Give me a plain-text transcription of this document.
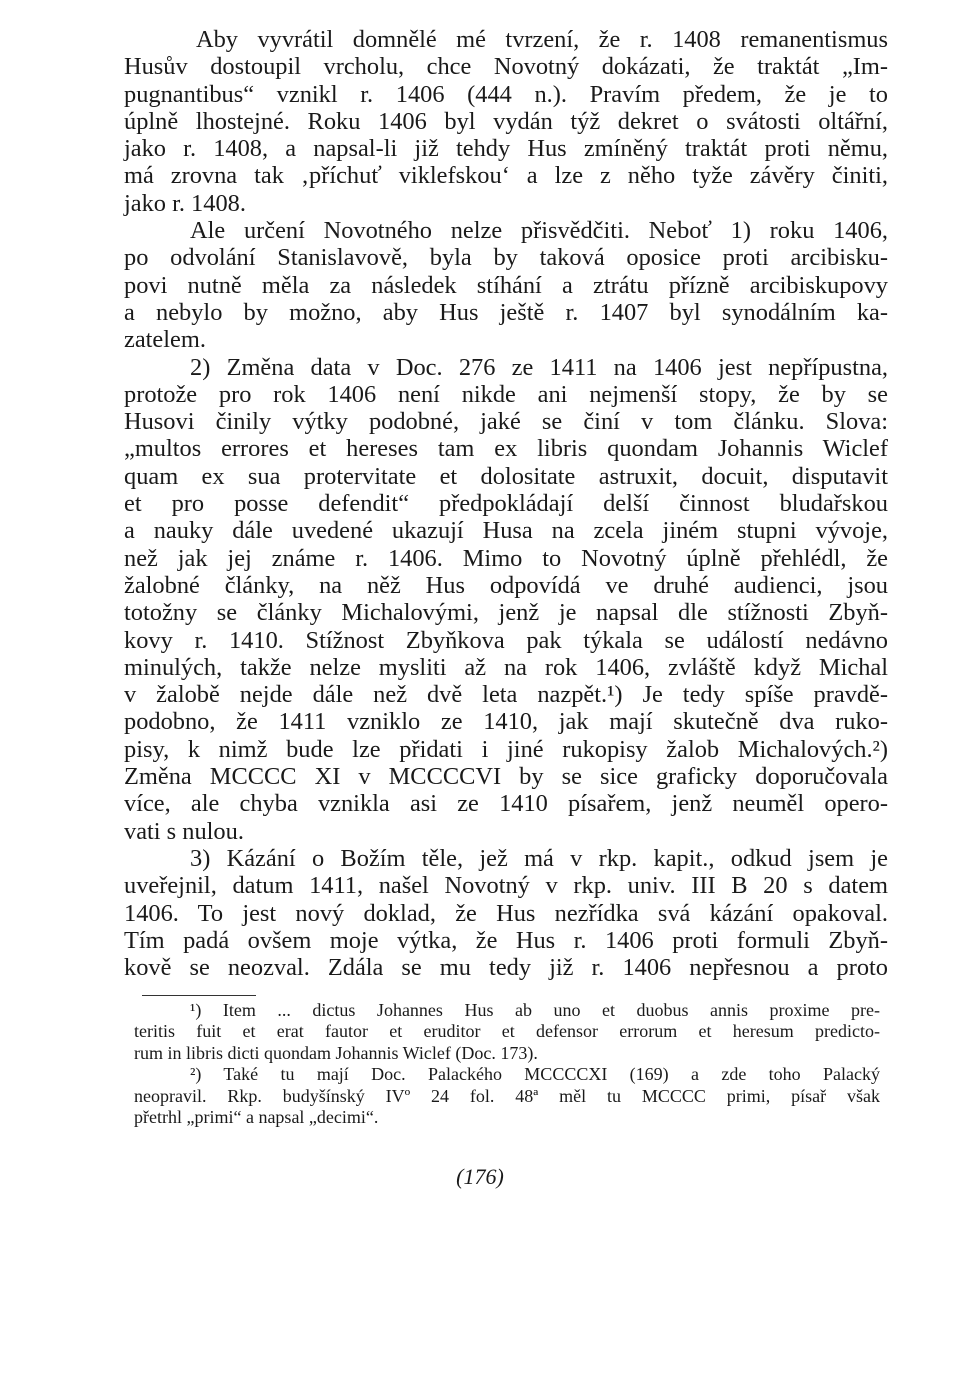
Aby vyvrátil domnělé mé tvrzení, že r. 1408 remanentismus
Husův dostoupil vrcholu, chce Novotný dokázati, že traktát „Im-
pugnantibus“ vznikl r. 1406 (444 n.). Pravím předem, že je to
úplně lhostejné. Roku 1406 byl vydán týž dekret o svátosti oltářní,
jako r. 1408, a napsal-li již tehdy Hus zmíněný traktát proti němu,
má zrovna tak ‚příchuť viklefskou‘ a lze z něho tyže závěry činiti,
jako r. 1408.
Ale určení Novotného nelze přisvědčiti. Neboť 1) roku 1406,
po odvolání Stanislavově, byla by taková oposice proti arcibisku-
povi nutně měla za následek stíhání a ztrátu přízně arcibiskupovy
a nebylo by možno, aby Hus ještě r. 1407 byl synodálním ka-
zatelem.
2) Změna data v Doc. 276 ze 1411 na 1406 jest nepřípustna,
protože pro rok 1406 není nikde ani nejmenší stopy, že by se
Husovi činily výtky podobné, jaké se činí v tom článku. Slova:
„multos errores et hereses tam ex libris quondam Johannis Wiclef
quam ex sua protervitate et dolositate astruxit, docuit, disputavit
et pro posse defendit“ předpokládají delší činnost bludařskou
a nauky dále uvedené ukazují Husa na zcela jiném stupni vývoje,
než jak jej známe r. 1406. Mimo to Novotný úplně přehlédl, že
žalobné články, na něž Hus odpovídá ve druhé audienci, jsou
totožny se články Michalovými, jenž je napsal dle stížnosti Zbyň-
kovy r. 1410. Stížnost Zbyňkova pak týkala se událostí nedávno
minulých, takže nelze mysliti až na rok 1406, zvláště když Michal
v žalobě nejde dále než dvě leta nazpět.¹) Je tedy spíše pravdě-
podobno, že 1411 vzniklo ze 1410, jak mají skutečně dva ruko-
pisy, k nimž bude lze přidati i jiné rukopisy žalob Michalových.²)
Změna MCCCC XI v MCCCCVI by se sice graficky doporučovala
více, ale chyba vznikla asi ze 1410 písařem, jenž neuměl opero-
vati s nulou.
3) Kázání o Božím těle, jež má v rkp. kapit., odkud jsem je
uveřejnil, datum 1411, našel Novotný v rkp. univ. III B 20 s datem
1406. To jest nový doklad, že Hus nezřídka svá kázání opakoval.
Tím padá ovšem moje výtka, že Hus r. 1406 proti formuli Zbyň-
kově se neozval. Zdála se mu tedy již r. 1406 nepřesnou a proto
¹) Item ... dictus Johannes Hus ab uno et duobus annis proxime pre-
teritis fuit et erat fautor et eruditor et defensor errorum et heresum predicto-
rum in libris dicti quondam Johannis Wiclef (Doc. 173).
²) Také tu mají Doc. Palackého MCCCCXI (169) a zde toho Palacký
neopravil. Rkp. budyšínský IVº 24 fol. 48ª měl tu MCCCC primi, písař však
přetrhl „primi“ a napsal „decimi“.
(176)
